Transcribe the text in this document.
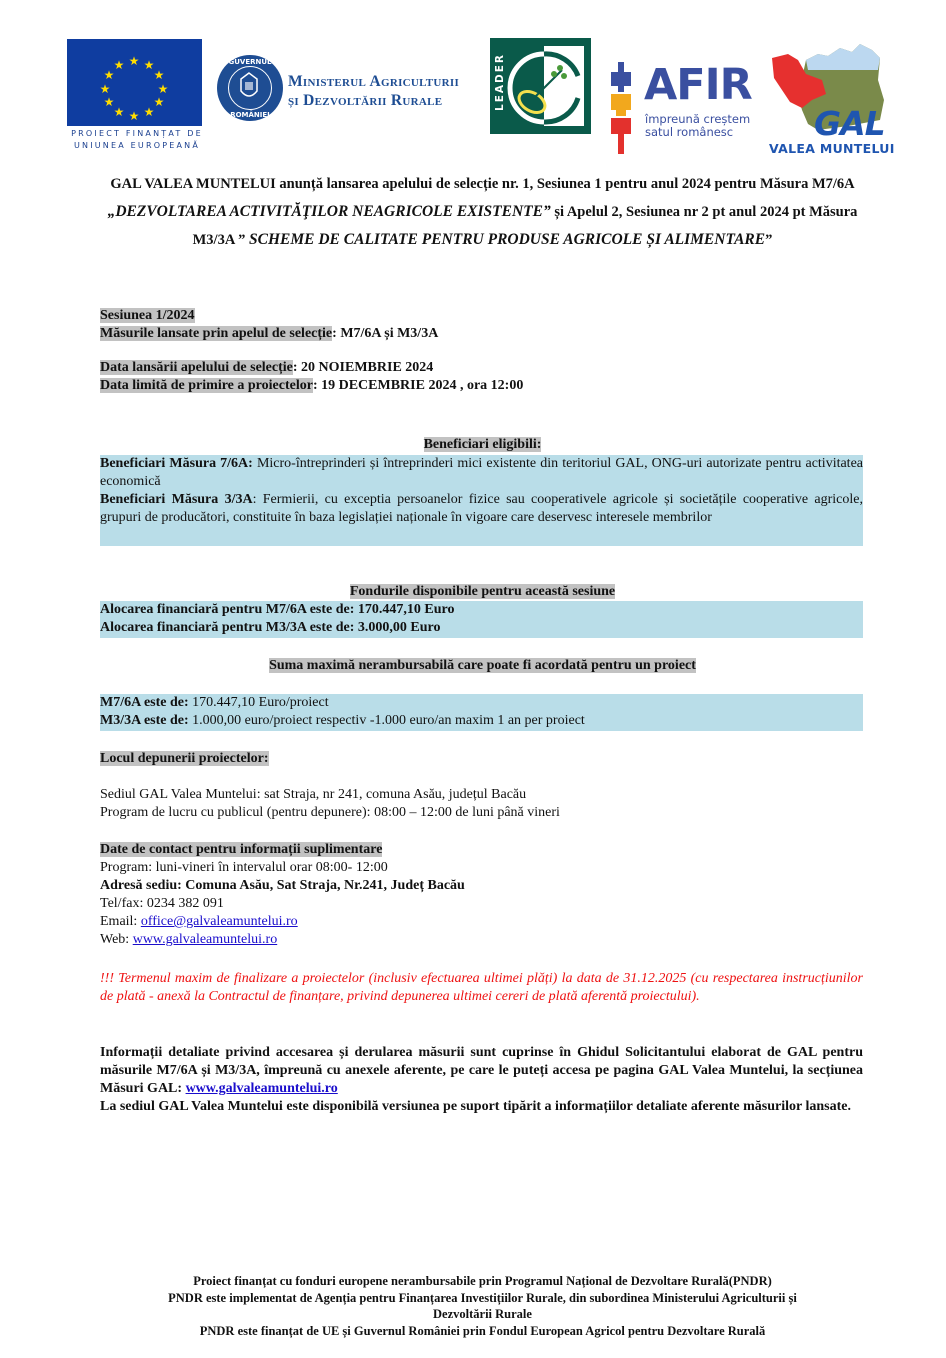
★ ★
★
★
★
★
★
★
★
★
★
★
PROIECT FINANȚAT DE
UNIUNEA EUROPEANĂ
GUVERNUL
ROMÂNIEI
Ministerul Agriculturii
și Dezvoltării Rurale	LEADER	AFIR
împreună creștem
satul românesc	GAL
VALEA MUNTELUI
GAL VALEA MUNTELUI anunță lansarea apelului de selecție nr. 1, Sesiunea 1 pentru anul 2024 pentru Măsura M7/6A „DEZVOLTAREA ACTIVITĂŢILOR NEAGRICOLE EXISTENTE” și Apelul 2, Sesiunea nr 2 pt anul 2024 pt Măsura M3/3A ” SCHEME DE CALITATE PENTRU PRODUSE AGRICOLE ȘI ALIMENTARE”
Sesiunea 1/2024
Măsurile lansate prin apelul de selecție: M7/6A și M3/3A
Data lansării apelului de selecție: 20 NOIEMBRIE 2024
Data limită de primire a proiectelor: 19 DECEMBRIE 2024 , ora 12:00
Beneficiari eligibili:
Beneficiari Măsura 7/6A: Micro-întreprinderi și întreprinderi mici existente din teritoriul GAL, ONG-uri autorizate pentru activitatea economică
Beneficiari Măsura 3/3A: Fermierii, cu exceptia persoanelor fizice sau cooperativele agricole și societățile cooperative agricole, grupuri de producători, constituite în baza legislației naționale în vigoare care deservesc interesele membrilor
Fondurile disponibile pentru această sesiune
Alocarea financiară pentru M7/6A este de: 170.447,10 Euro
Alocarea financiară pentru M3/3A este de: 3.000,00 Euro
Suma maximă nerambursabilă care poate fi acordată pentru un proiect
M7/6A este de: 170.447,10 Euro/proiect
M3/3A este de: 1.000,00 euro/proiect respectiv -1.000 euro/an maxim 1 an per proiect
Locul depunerii proiectelor:
Sediul GAL Valea Muntelui: sat Straja, nr 241, comuna Asău, județul Bacău
Program de lucru cu publicul (pentru depunere): 08:00 – 12:00 de luni până vineri
Date de contact pentru informații suplimentare
Program: luni-vineri în intervalul orar 08:00- 12:00
Adresă sediu: Comuna Asău, Sat Straja, Nr.241, Județ Bacău
Tel/fax: 0234 382 091
Email: office@galvaleamuntelui.ro
Web: www.galvaleamuntelui.ro
!!! Termenul maxim de finalizare a proiectelor (inclusiv efectuarea ultimei plăți) la data de 31.12.2025 (cu respectarea instrucțiunilor de plată - anexă la Contractul de finanțare, privind depunerea ultimei cereri de plată aferentă proiectului).
Informații detaliate privind accesarea și derularea măsurii sunt cuprinse în Ghidul Solicitantului elaborat de GAL pentru măsurile M7/6A și M3/3A, împreună cu anexele aferente, pe care le puteți accesa pe pagina GAL Valea Muntelui, la secțiunea Măsuri GAL: www.galvaleamuntelui.ro
La sediul GAL Valea Muntelui este disponibilă versiunea pe suport tipărit a informațiilor detaliate aferente măsurilor lansate.
Proiect finanțat cu fonduri europene nerambursabile prin Programul Național de Dezvoltare Rurală(PNDR)
PNDR este implementat de Agenția pentru Finanțarea Investițiilor Rurale, din subordinea Ministerului Agriculturii și Dezvoltării Rurale
PNDR este finanțat de UE și Guvernul României prin Fondul European Agricol pentru Dezvoltare Rurală
